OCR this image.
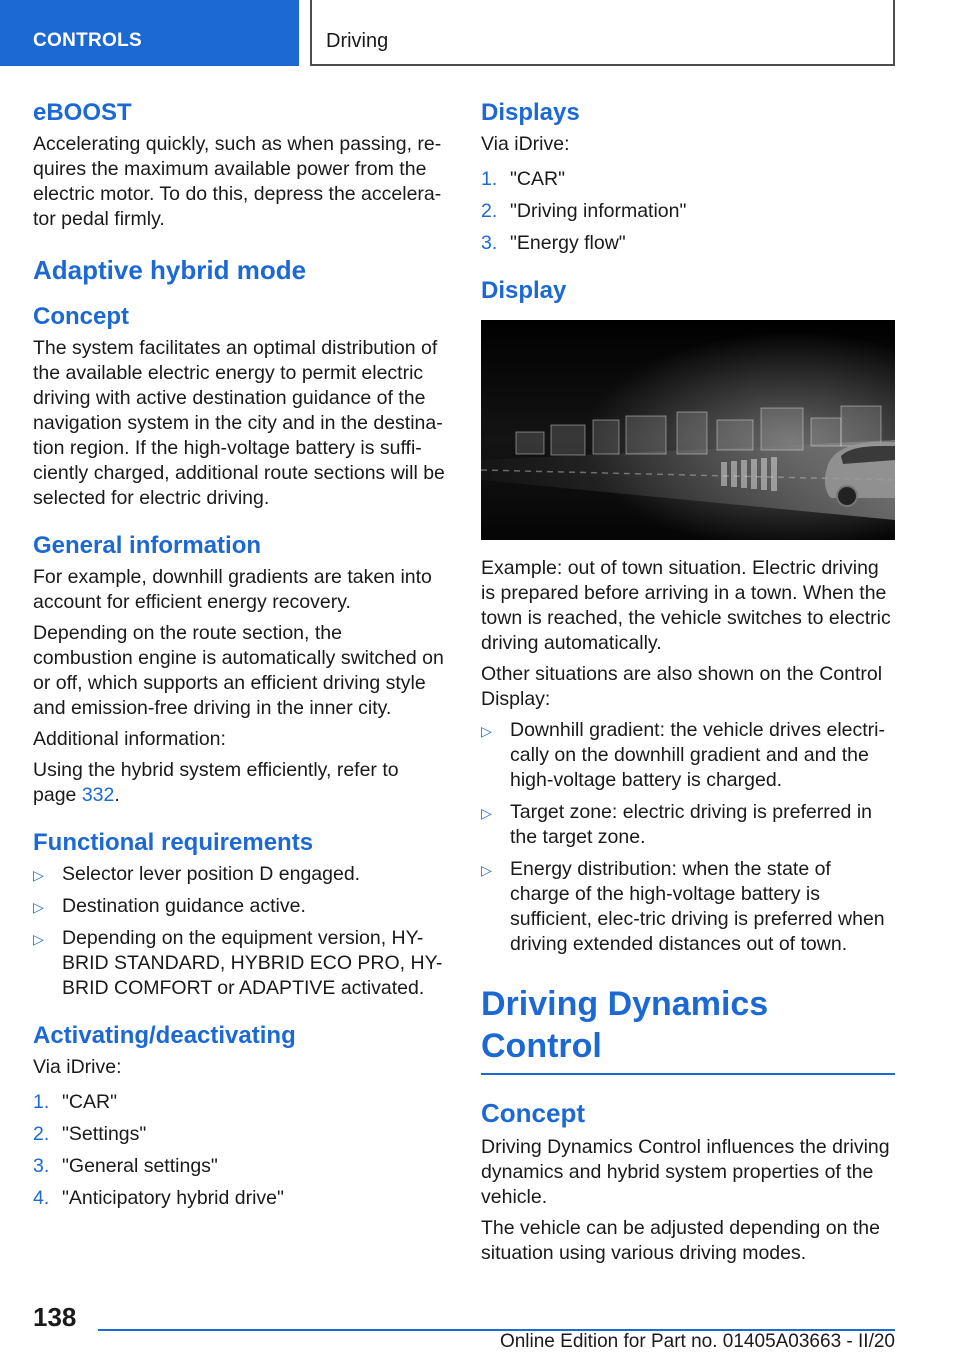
CONTROLS	Driving
eBOOST

Accelerating quickly, such as when passing, re-quires the maximum available power from the electric motor. To do this, depress the accelera-tor pedal firmly.

Adaptive hybrid mode
Concept

The system facilitates an optimal distribution of the available electric energy to permit electric driving with active destination guidance of the navigation system in the city and in the destina-tion region. If the high-voltage battery is suffi-ciently charged, additional route sections will be selected for electric driving.

General information

For example, downhill gradients are taken into account for efficient energy recovery.

Depending on the route section, the combustion engine is automatically switched on or off, which supports an efficient driving style and emission-free driving in the inner city.

Additional information:

Using the hybrid system efficiently, refer to page 332.

Functional requirements
▷ Selector lever position D engaged.
▷ Destination guidance active.
▷ Depending on the equipment version, HY-BRID STANDARD, HYBRID ECO PRO, HY-BRID COMFORT or ADAPTIVE activated.
Activating/deactivating

Via iDrive:

1. "CAR"
2. "Settings"
3. "General settings"
4. "Anticipatory hybrid drive"
Displays

Via iDrive:

1. "CAR"
2. "Driving information"
3. "Energy flow"
Display

Example: out of town situation. Electric driving is prepared before arriving in a town. When the town is reached, the vehicle switches to electric driving automatically.

Other situations are also shown on the Control Display:

▷ Downhill gradient: the vehicle drives electri-cally on the downhill gradient and and the high-voltage battery is charged.
▷ Target zone: electric driving is preferred in the target zone.
▷ Energy distribution: when the state of charge of the high-voltage battery is sufficient, elec-tric driving is preferred when driving extended distances out of town.
Driving Dynamics Control
Concept

Driving Dynamics Control influences the driving dynamics and hybrid system properties of the vehicle.

The vehicle can be adjusted depending on the situation using various driving modes.

138
Online Edition for Part no. 01405A03663 - II/20
